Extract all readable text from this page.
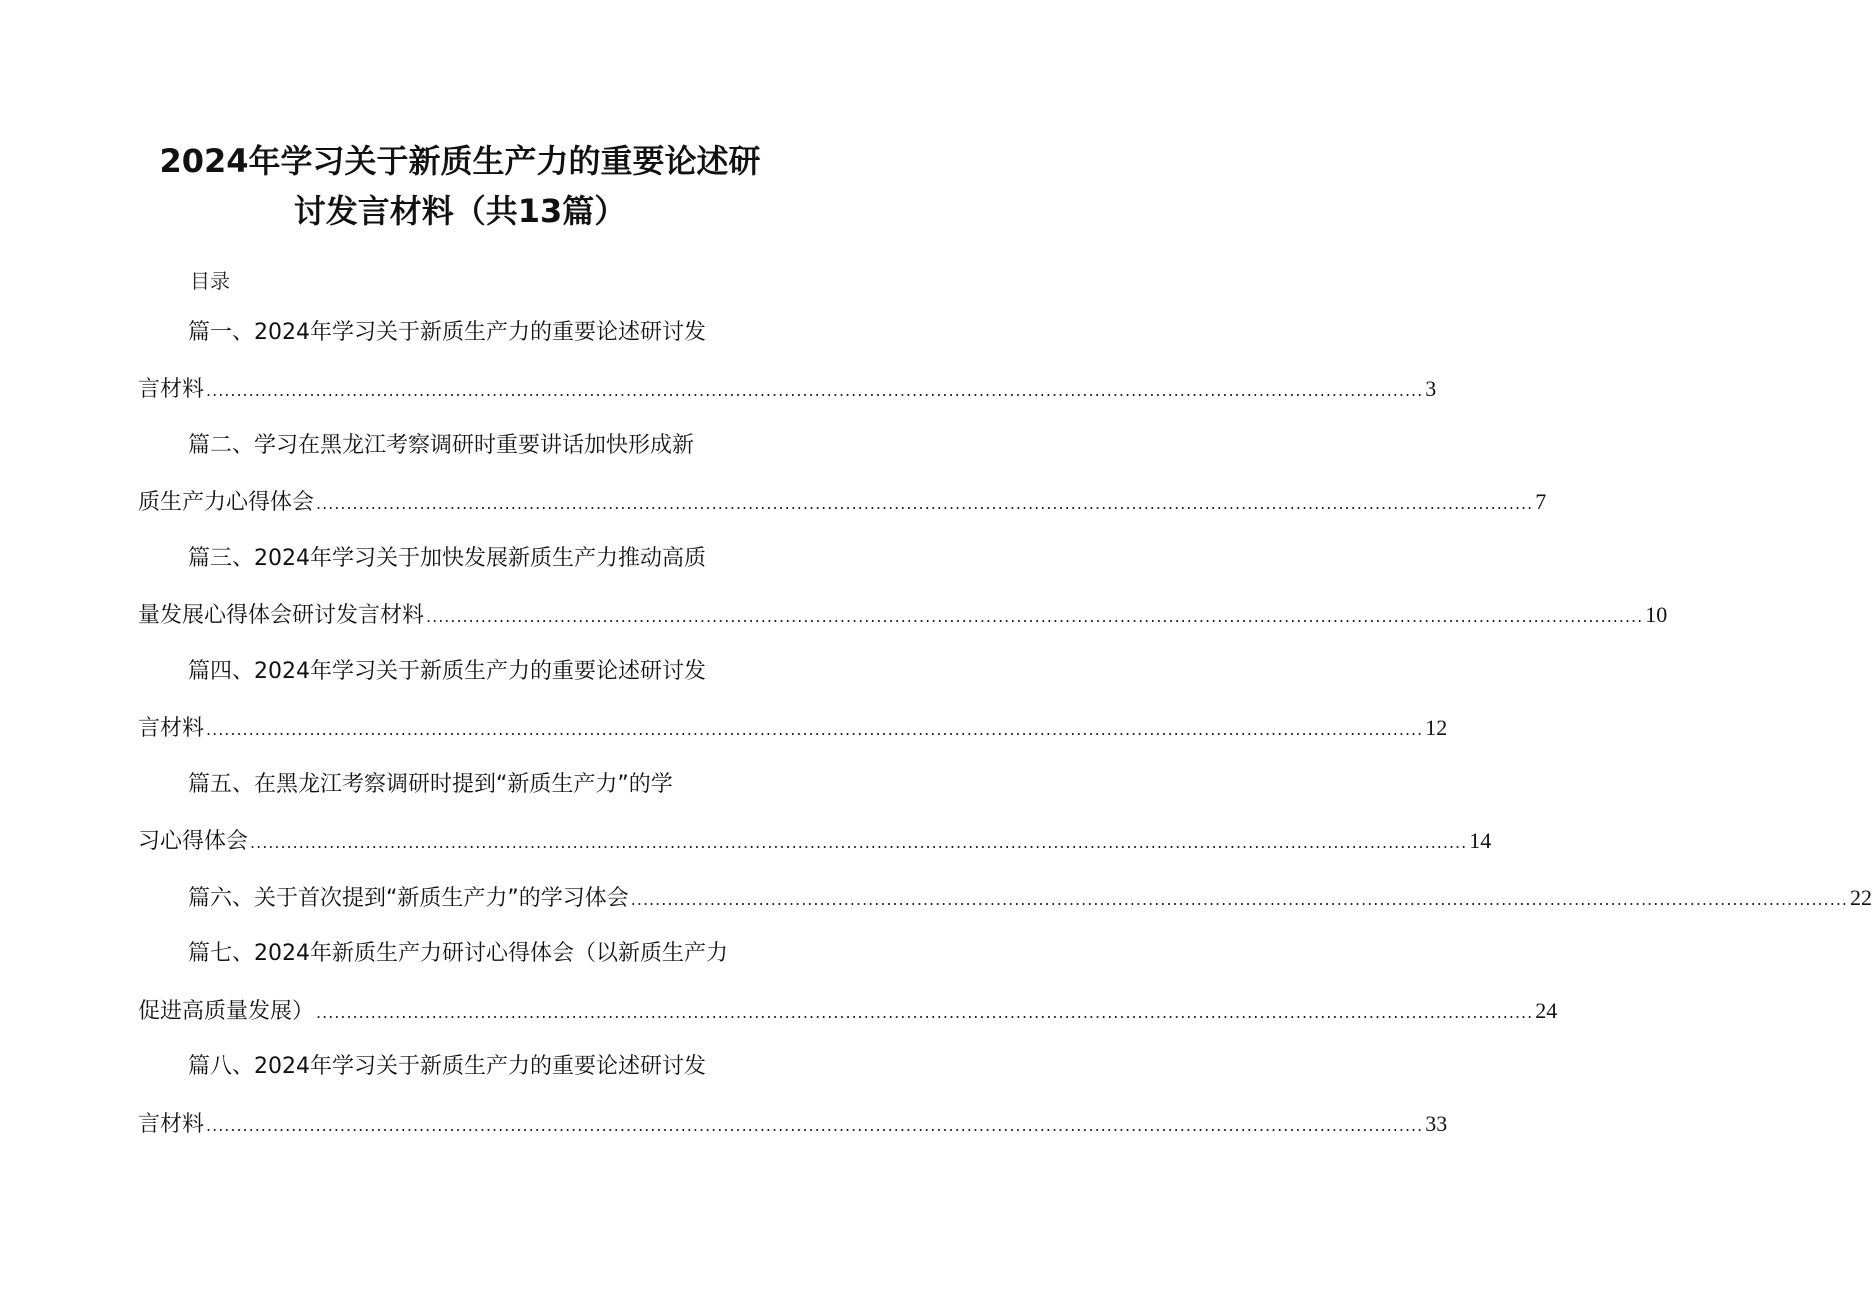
2024年学习关于新质生产力的重要论述研
讨发言材料（共13篇）
目录
篇一、2024年学习关于新质生产力的重要论述研讨发
言材料 ........................................................................................................................................................................................................ 3
篇二、学习在黑龙江考察调研时重要讲话加快形成新
质生产力心得体会 ........................................................................................................................................................................................................ 7
篇三、2024年学习关于加快发展新质生产力推动高质
量发展心得体会研讨发言材料 ........................................................................................................................................................................................................ 10
篇四、2024年学习关于新质生产力的重要论述研讨发
言材料 ........................................................................................................................................................................................................ 12
篇五、在黑龙江考察调研时提到“新质生产力”的学
习心得体会 ........................................................................................................................................................................................................ 14
篇六、关于首次提到“新质生产力”的学习体会 ........................................................................................................................................................................................................ 22
篇七、2024年新质生产力研讨心得体会（以新质生产力
促进高质量发展） ........................................................................................................................................................................................................ 24
篇八、2024年学习关于新质生产力的重要论述研讨发
言材料 ........................................................................................................................................................................................................ 33
